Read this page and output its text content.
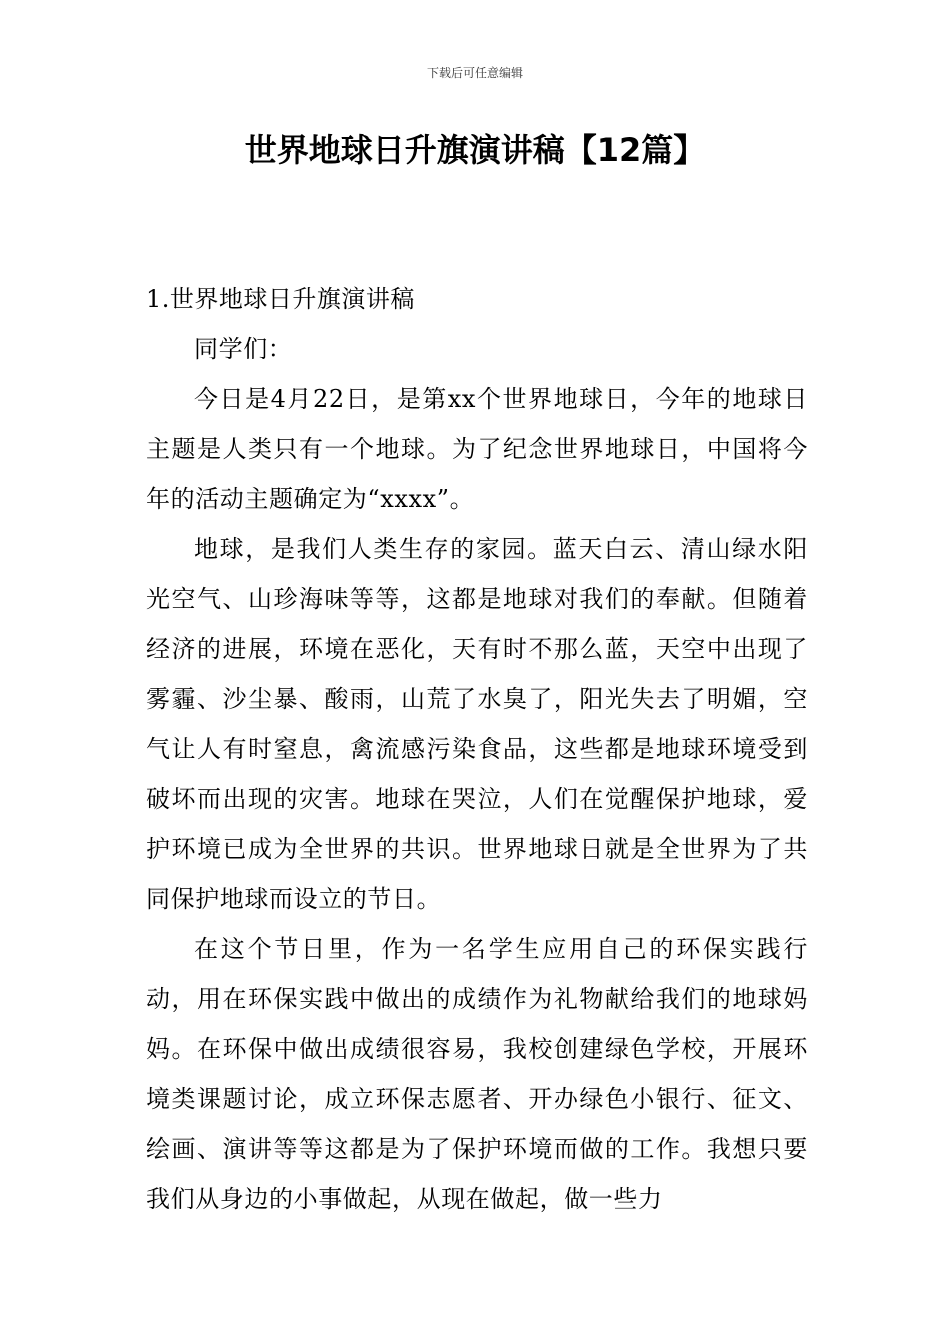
下载后可任意编辑
世界地球日升旗演讲稿【12篇】

1.世界地球日升旗演讲稿

同学们：

今日是4月22日，是第xx个世界地球日，今年的地球日主题是人类只有一个地球。为了纪念世界地球日，中国将今年的活动主题确定为“xxxx”。

地球，是我们人类生存的家园。蓝天白云、清山绿水阳光空气、山珍海味等等，这都是地球对我们的奉献。但随着经济的进展，环境在恶化，天有时不那么蓝，天空中出现了雾霾、沙尘暴、酸雨，山荒了水臭了，阳光失去了明媚，空气让人有时窒息，禽流感污染食品，这些都是地球环境受到破坏而出现的灾害。地球在哭泣，人们在觉醒保护地球，爱护环境已成为全世界的共识。世界地球日就是全世界为了共同保护地球而设立的节日。

在这个节日里，作为一名学生应用自己的环保实践行动，用在环保实践中做出的成绩作为礼物献给我们的地球妈妈。在环保中做出成绩很容易，我校创建绿色学校，开展环境类课题讨论，成立环保志愿者、开办绿色小银行、征文、绘画、演讲等等这都是为了保护环境而做的工作。我想只要我们从身边的小事做起，从现在做起，做一些力
